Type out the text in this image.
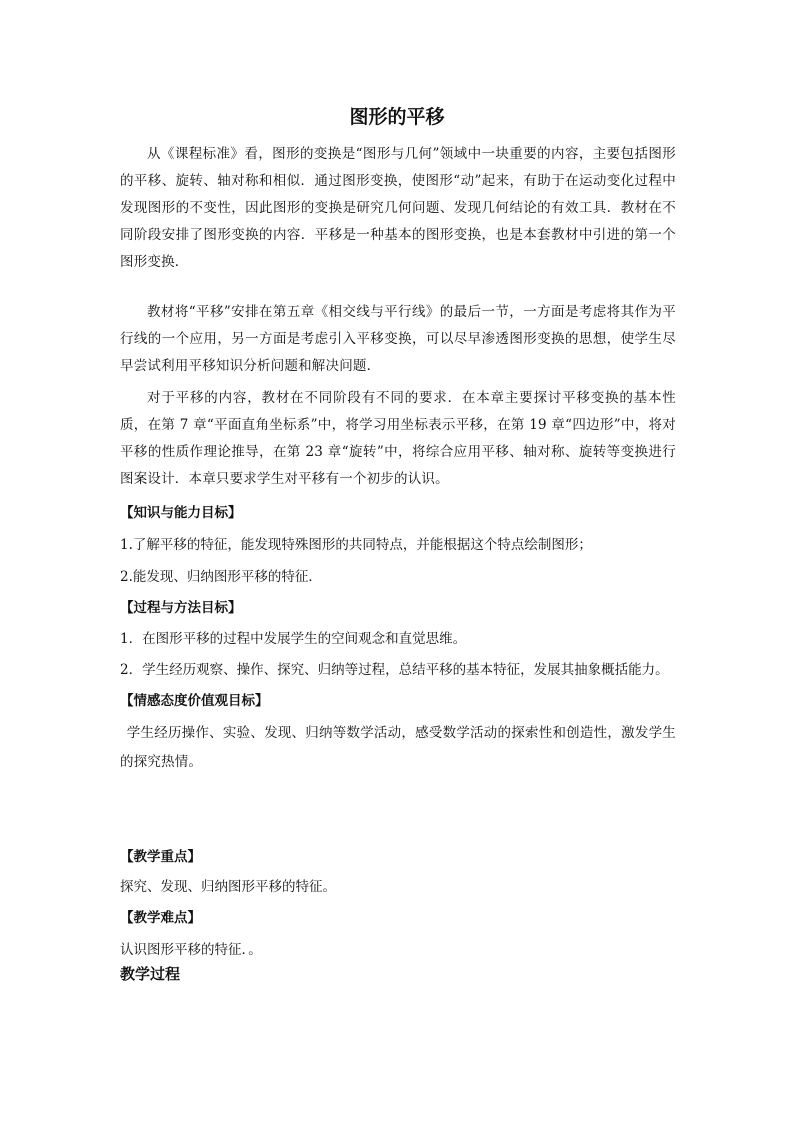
图形的平移
从《课程标准》看，图形的变换是“图形与几何”领域中一块重要的内容，主要包括图形的平移、旋转、轴对称和相似．通过图形变换，使图形“动”起来，有助于在运动变化过程中发现图形的不变性，因此图形的变换是研究几何问题、发现几何结论的有效工具．教材在不同阶段安排了图形变换的内容．平移是一种基本的图形变换，也是本套教材中引进的第一个图形变换．
教材将“平移”安排在第五章《相交线与平行线》的最后一节，一方面是考虑将其作为平行线的一个应用，另一方面是考虑引入平移变换，可以尽早渗透图形变换的思想，使学生尽早尝试利用平移知识分析问题和解决问题．
对于平移的内容，教材在不同阶段有不同的要求．在本章主要探讨平移变换的基本性质，在第 7 章“平面直角坐标系”中，将学习用坐标表示平移，在第 19 章“四边形”中，将对平移的性质作理论推导，在第 23 章“旋转”中，将综合应用平移、轴对称、旋转等变换进行图案设计．本章只要求学生对平移有一个初步的认识。
【知识与能力目标】
1.了解平移的特征，能发现特殊图形的共同特点，并能根据这个特点绘制图形；
2.能发现、归纳图形平移的特征．
【过程与方法目标】
1．在图形平移的过程中发展学生的空间观念和直觉思维。
2．学生经历观察、操作、探究、归纳等过程，总结平移的基本特征，发展其抽象概括能力。
【情感态度价值观目标】
学生经历操作、实验、发现、归纳等数学活动，感受数学活动的探索性和创造性，激发学生的探究热情。
【教学重点】
探究、发现、归纳图形平移的特征。
【教学难点】
认识图形平移的特征．。
教学过程
